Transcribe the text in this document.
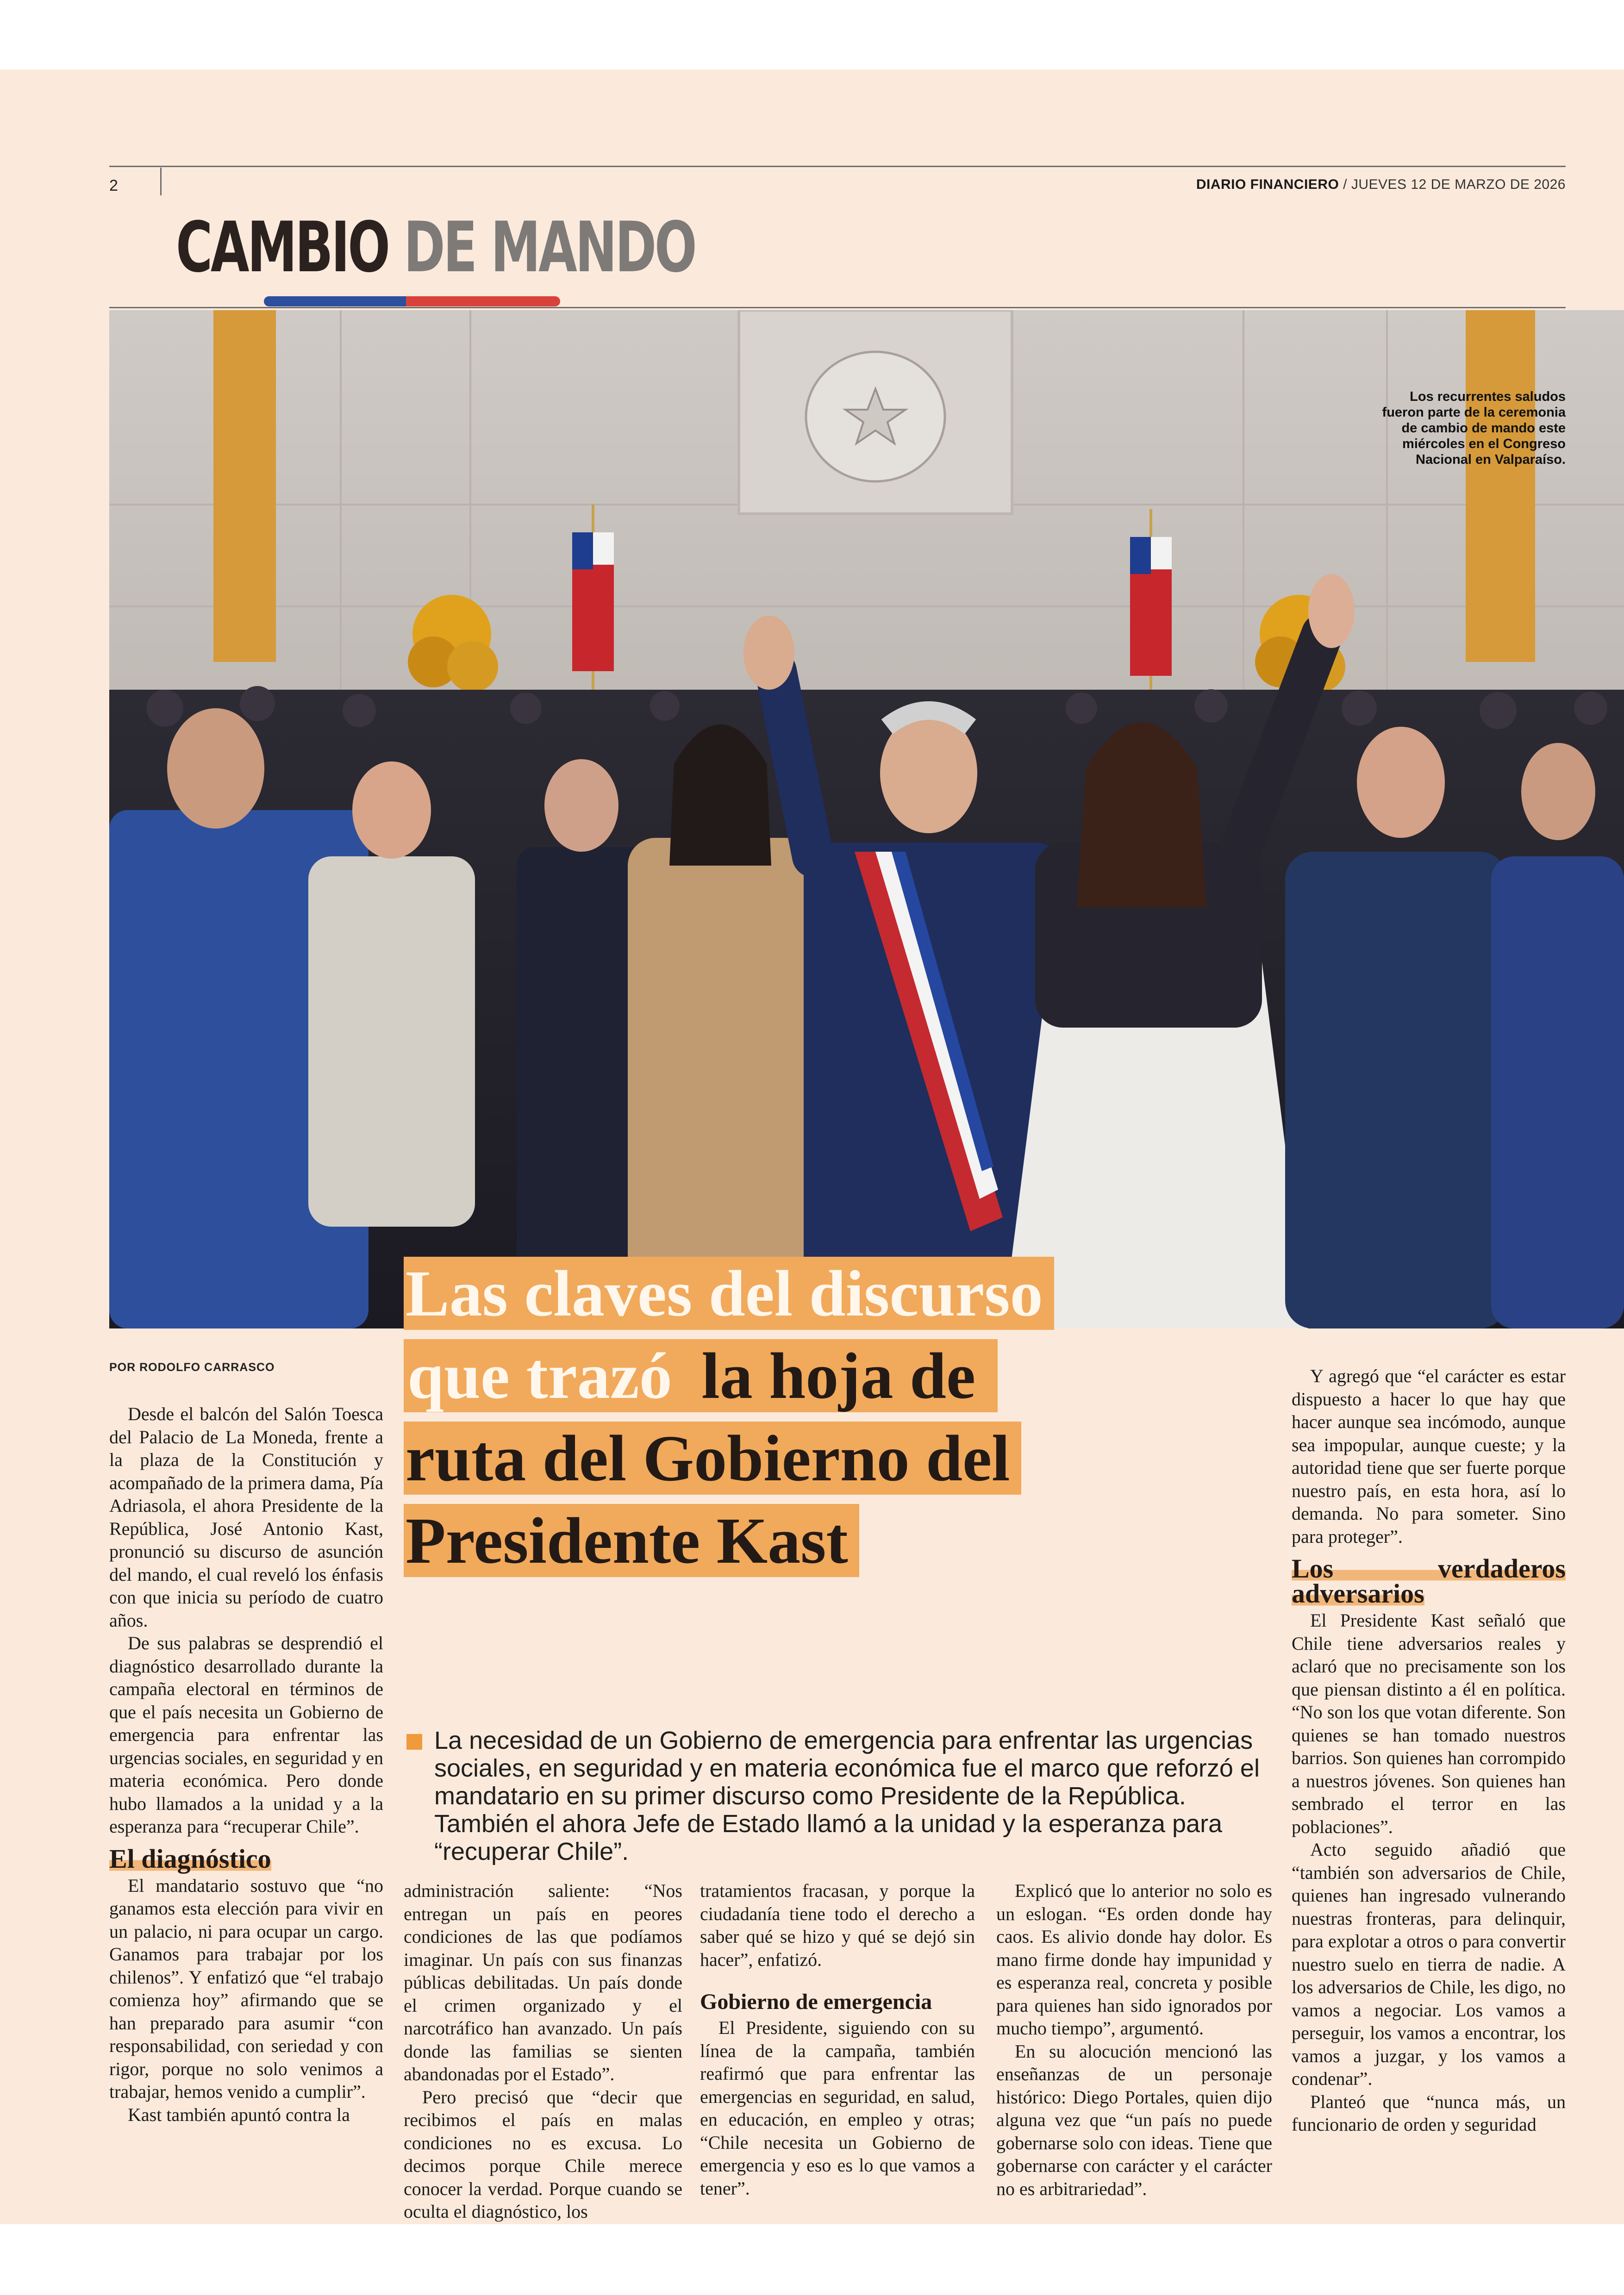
2	DIARIO FINANCIERO / JUEVES 12 DE MARZO DE 2026
CAMBIO DE MANDO
Los recurrentes saludos fueron parte de la ceremonia de cambio de mando este miércoles en el Congreso Nacional en Valparaíso.
Las claves del discurso
que trazó la hoja de
ruta del Gobierno del
Presidente Kast
POR RODOLFO CARRASCO
La necesidad de un Gobierno de emergencia para enfrentar las urgencias sociales, en seguridad y en materia económica fue el marco que reforzó el mandatario en su primer discurso como Presidente de la República. También el ahora Jefe de Estado llamó a la unidad y la esperanza para “recuperar Chile”.

Desde el balcón del Salón Toesca del Palacio de La Moneda, frente a la plaza de la Constitución y acompañado de la primera dama, Pía Adriasola, el ahora Presidente de la República, José Antonio Kast, pronunció su discurso de asunción del mando, el cual reveló los énfasis con que inicia su período de cuatro años.

De sus palabras se desprendió el diagnóstico desarrollado durante la campaña electoral en términos de que el país necesita un Gobierno de emergencia para enfrentar las urgencias sociales, en seguridad y en materia económica. Pero donde hubo llamados a la unidad y a la esperanza para “recuperar Chile”.

El diagnóstico

El mandatario sostuvo que “no ganamos esta elección para vivir en un palacio, ni para ocupar un cargo. Ganamos para trabajar por los chilenos”. Y enfatizó que “el trabajo comienza hoy” afirmando que se han preparado para asumir “con responsabilidad, con seriedad y con rigor, porque no solo venimos a trabajar, hemos venido a cumplir”.

Kast también apuntó contra la

administración saliente: “Nos entregan un país en peores condiciones de las que podíamos imaginar. Un país con sus finanzas públicas debilitadas. Un país donde el crimen organizado y el narcotráfico han avanzado. Un país donde las familias se sienten abandonadas por el Estado”.

Pero precisó que “decir que recibimos el país en malas condiciones no es excusa. Lo decimos porque Chile merece conocer la verdad. Porque cuando se oculta el diagnóstico, los

tratamientos fracasan, y porque la ciudadanía tiene todo el derecho a saber qué se hizo y qué se dejó sin hacer”, enfatizó.

Gobierno de emergencia

El Presidente, siguiendo con su línea de la campaña, también reafirmó que para enfrentar las emergencias en seguridad, en salud, en educación, en empleo y otras; “Chile necesita un Gobierno de emergencia y eso es lo que vamos a tener”.

Explicó que lo anterior no solo es un eslogan. “Es orden donde hay caos. Es alivio donde hay dolor. Es mano firme donde hay impunidad y es esperanza real, concreta y posible para quienes han sido ignorados por mucho tiempo”, argumentó.

En su alocución mencionó las enseñanzas de un personaje histórico: Diego Portales, quien dijo alguna vez que “un país no puede gobernarse solo con ideas. Tiene que gobernarse con carácter y el carácter no es arbitrariedad”.

Y agregó que “el carácter es estar dispuesto a hacer lo que hay que hacer aunque sea incómodo, aunque sea impopular, aunque cueste; y la autoridad tiene que ser fuerte porque nuestro país, en esta hora, así lo demanda. No para someter. Sino para proteger”.

Los verdaderos adversarios

El Presidente Kast señaló que Chile tiene adversarios reales y aclaró que no precisamente son los que piensan distinto a él en política. “No son los que votan diferente. Son quienes se han tomado nuestros barrios. Son quienes han corrompido a nuestros jóvenes. Son quienes han sembrado el terror en las poblaciones”.

Acto seguido añadió que “también son adversarios de Chile, quienes han ingresado vulnerando nuestras fronteras, para delinquir, para explotar a otros o para convertir nuestro suelo en tierra de nadie. A los adversarios de Chile, les digo, no vamos a negociar. Los vamos a perseguir, los vamos a encontrar, los vamos a juzgar, y los vamos a condenar”.

Planteó que “nunca más, un funcionario de orden y seguridad
